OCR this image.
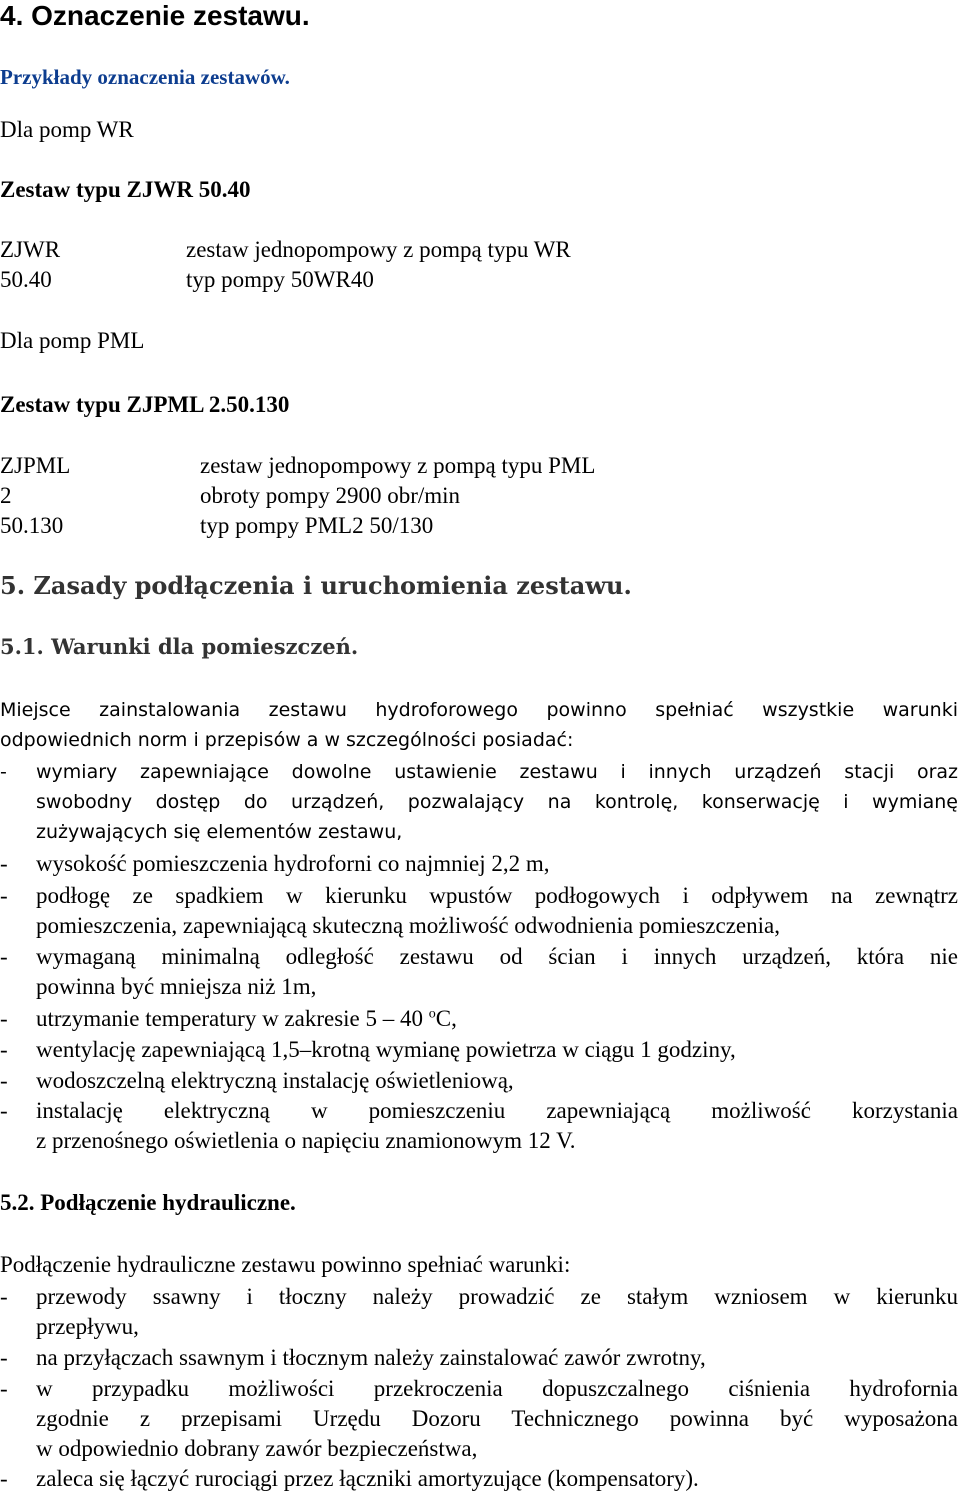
4. Oznaczenie zestawu.
Przykłady oznaczenia zestawów.
Dla pomp WR
Zestaw typu ZJWR 50.40
ZJWR	zestaw jednopompowy z pompą typu WR
50.40	typ pompy 50WR40
Dla pomp PML
Zestaw typu ZJPML 2.50.130
ZJPML	zestaw jednopompowy z pompą typu PML
2	obroty pompy 2900 obr/min
50.130	typ pompy PML2 50/130
5. Zasady podłączenia i uruchomienia zestawu.
5.1. Warunki dla pomieszczeń.
Miejsce zainstalowania zestawu hydroforowego powinno spełniać wszystkie warunki
odpowiednich norm i przepisów a w szczególności posiadać:
- wymiary zapewniające dowolne ustawienie zestawu i innych urządzeń stacji oraz
swobodny dostęp do urządzeń, pozwalający na kontrolę, konserwację i wymianę
zużywających się elementów zestawu,
- wysokość pomieszczenia hydroforni co najmniej 2,2 m,
- podłogę ze spadkiem w kierunku wpustów podłogowych i odpływem na zewnątrz
pomieszczenia, zapewniającą skuteczną możliwość odwodnienia pomieszczenia,
- wymaganą minimalną odległość zestawu od ścian i innych urządzeń, która nie
powinna być mniejsza niż 1m,
- utrzymanie temperatury w zakresie 5 – 40 $^o$C,
- wentylację zapewniającą 1,5–krotną wymianę powietrza w ciągu 1 godziny,
- wodoszczelną elektryczną instalację oświetleniową,
- instalację elektryczną w pomieszczeniu zapewniającą możliwość korzystania
z przenośnego oświetlenia o napięciu znamionowym 12 V.
5.2. Podłączenie hydrauliczne.
Podłączenie hydrauliczne zestawu powinno spełniać warunki:
- przewody ssawny i tłoczny należy prowadzić ze stałym wzniosem w kierunku
przepływu,
- na przyłączach ssawnym i tłocznym należy zainstalować zawór zwrotny,
- w przypadku możliwości przekroczenia dopuszczalnego ciśnienia hydrofornia
zgodnie z przepisami Urzędu Dozoru Technicznego powinna być wyposażona
w odpowiednio dobrany zawór bezpieczeństwa,
- zaleca się łączyć rurociągi przez łączniki amortyzujące (kompensatory).
